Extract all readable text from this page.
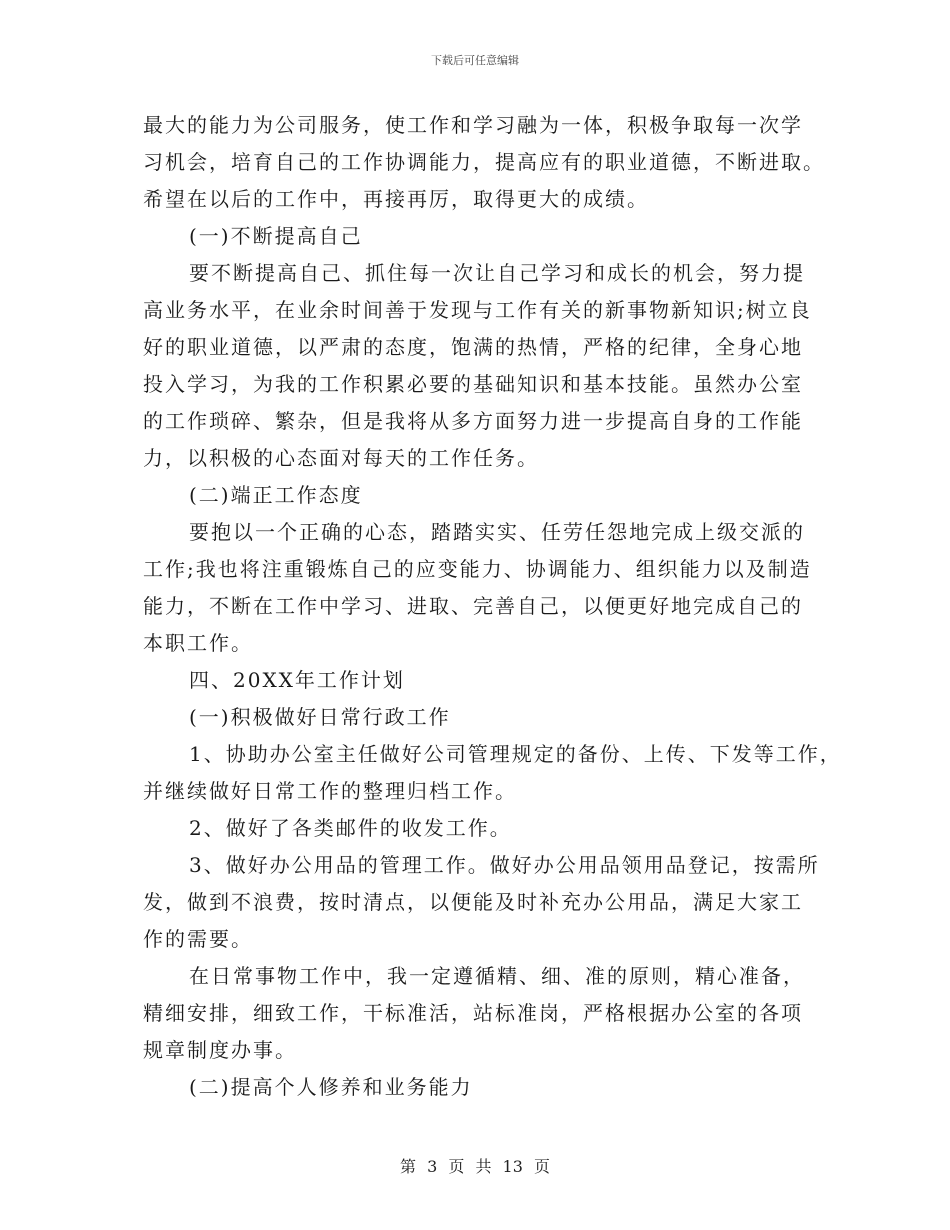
下载后可任意编辑
最大的能力为公司服务，使工作和学习融为一体，积极争取每一次学
习机会，培育自己的工作协调能力，提高应有的职业道德，不断进取。
希望在以后的工作中，再接再厉，取得更大的成绩。
(一)不断提高自己
要不断提高自己、抓住每一次让自己学习和成长的机会，努力提
高业务水平，在业余时间善于发现与工作有关的新事物新知识;树立良
好的职业道德，以严肃的态度，饱满的热情，严格的纪律，全身心地
投入学习，为我的工作积累必要的基础知识和基本技能。虽然办公室
的工作琐碎、繁杂，但是我将从多方面努力进一步提高自身的工作能
力，以积极的心态面对每天的工作任务。
(二)端正工作态度
要抱以一个正确的心态，踏踏实实、任劳任怨地完成上级交派的
工作;我也将注重锻炼自己的应变能力、协调能力、组织能力以及制造
能力，不断在工作中学习、进取、完善自己，以便更好地完成自己的
本职工作。
四、20XX年工作计划
(一)积极做好日常行政工作
1、协助办公室主任做好公司管理规定的备份、上传、下发等工作，
并继续做好日常工作的整理归档工作。
2、做好了各类邮件的收发工作。
3、做好办公用品的管理工作。做好办公用品领用品登记，按需所
发，做到不浪费，按时清点，以便能及时补充办公用品，满足大家工
作的需要。
在日常事物工作中，我一定遵循精、细、准的原则，精心准备，
精细安排，细致工作，干标准活，站标准岗，严格根据办公室的各项
规章制度办事。
(二)提高个人修养和业务能力
第 3 页 共 13 页
